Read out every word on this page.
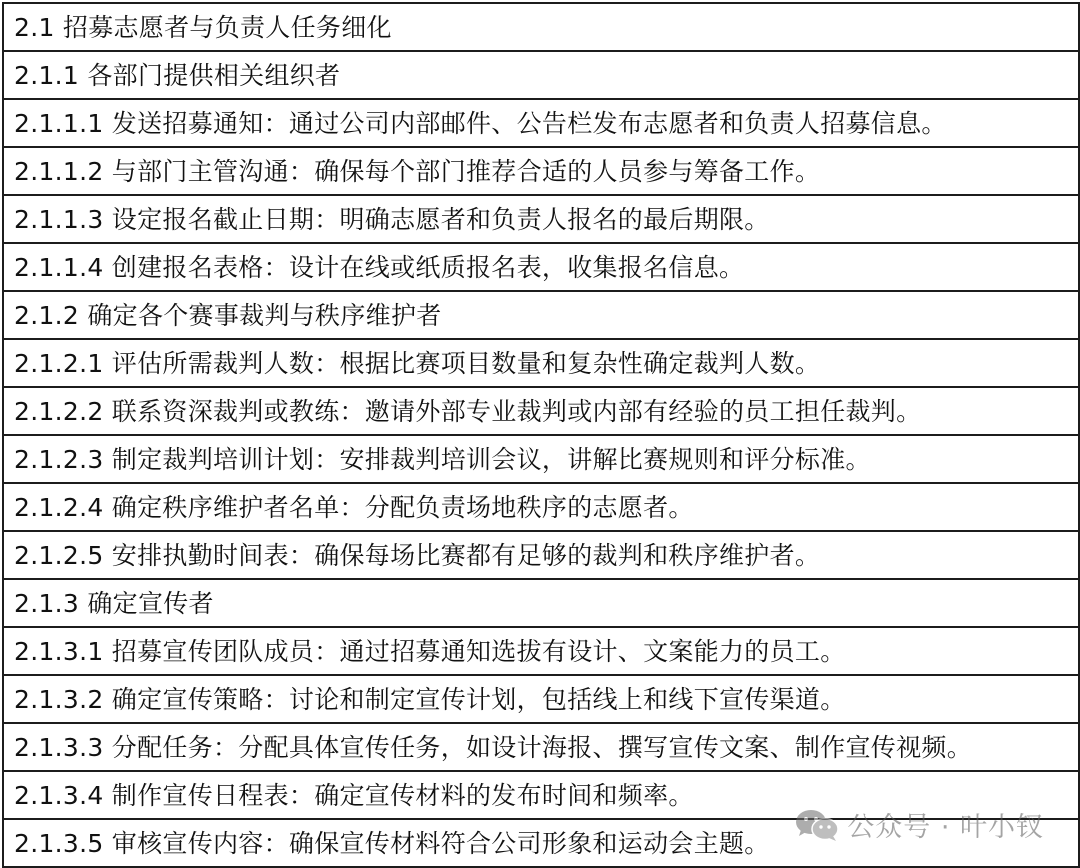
2.1 招募志愿者与负责人任务细化
2.1.1 各部门提供相关组织者
2.1.1.1 发送招募通知：通过公司内部邮件、公告栏发布志愿者和负责人招募信息。
2.1.1.2 与部门主管沟通：确保每个部门推荐合适的人员参与筹备工作。
2.1.1.3 设定报名截止日期：明确志愿者和负责人报名的最后期限。
2.1.1.4 创建报名表格：设计在线或纸质报名表，收集报名信息。
2.1.2 确定各个赛事裁判与秩序维护者
2.1.2.1 评估所需裁判人数：根据比赛项目数量和复杂性确定裁判人数。
2.1.2.2 联系资深裁判或教练：邀请外部专业裁判或内部有经验的员工担任裁判。
2.1.2.3 制定裁判培训计划：安排裁判培训会议，讲解比赛规则和评分标准。
2.1.2.4 确定秩序维护者名单：分配负责场地秩序的志愿者。
2.1.2.5 安排执勤时间表：确保每场比赛都有足够的裁判和秩序维护者。
2.1.3 确定宣传者
2.1.3.1 招募宣传团队成员：通过招募通知选拔有设计、文案能力的员工。
2.1.3.2 确定宣传策略：讨论和制定宣传计划，包括线上和线下宣传渠道。
2.1.3.3 分配任务：分配具体宣传任务，如设计海报、撰写宣传文案、制作宣传视频。
2.1.3.4 制作宣传日程表：确定宣传材料的发布时间和频率。
2.1.3.5 审核宣传内容：确保宣传材料符合公司形象和运动会主题。	公众号 · 叶小钗
